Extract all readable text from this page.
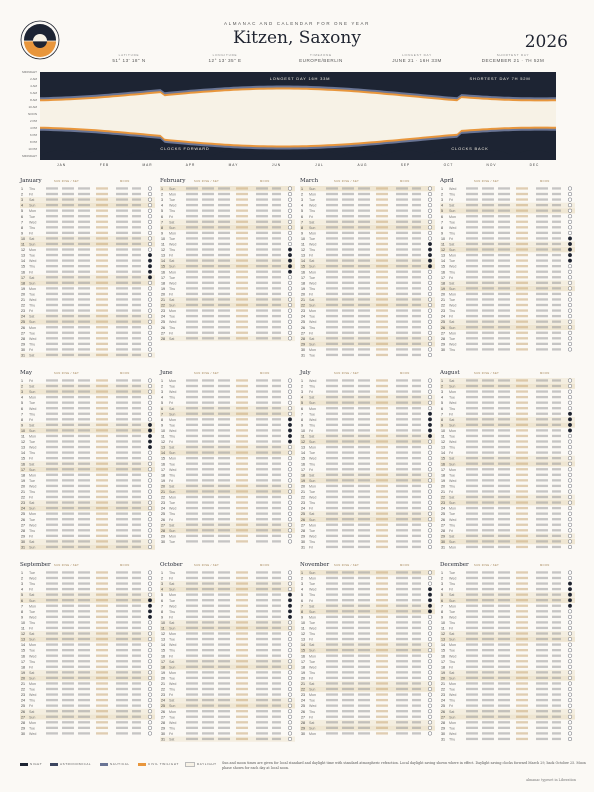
ALMANAC AND CALENDAR FOR ONE YEAR
Kitzen, Saxony	2026
LATITUDE
51° 13' 18" N
LONGITUDE
12° 13' 35" E
TIMEZONE
EUROPE/BERLIN
LONGEST DAY
JUNE 21 · 16H 33M
SHORTEST DAY
DECEMBER 21 · 7H 52M
MIDNIGHT
2 AM
4 AM
6 AM
8 AM
10 AM
NOON
2 PM
4 PM
6 PM
8 PM
10 PM
MIDNIGHT
LONGEST DAY 16H 33M	SHORTEST DAY 7H 52M
CLOCKS FORWARD	CLOCKS BACK
JAN	FEB	MAR	APR	MAY	JUN	JUL	AUG	SEP	OCT	NOV	DEC
January	SUN RISE / SET	MOON
1 Thu
2 Fri
3 Sat
4 Sun
5 Mon
6 Tue
7 Wed
8 Thu
9 Fri
10 Sat
11 Sun
12 Mon
13 Tue
14 Wed
15 Thu
16 Fri
17 Sat
18 Sun
19 Mon
20 Tue
21 Wed
22 Thu
23 Fri
24 Sat
25 Sun
26 Mon
27 Tue
28 Wed
29 Thu
30 Fri
31 Sat
February	SUN RISE / SET	MOON
1 Sun
2 Mon
3 Tue
4 Wed
5 Thu
6 Fri
7 Sat
8 Sun
9 Mon
10 Tue
11 Wed
12 Thu
13 Fri
14 Sat
15 Sun
16 Mon
17 Tue
18 Wed
19 Thu
20 Fri
21 Sat
22 Sun
23 Mon
24 Tue
25 Wed
26 Thu
27 Fri
28 Sat
March	SUN RISE / SET	MOON
1 Sun
2 Mon
3 Tue
4 Wed
5 Thu
6 Fri
7 Sat
8 Sun
9 Mon
10 Tue
11 Wed
12 Thu
13 Fri
14 Sat
15 Sun
16 Mon
17 Tue
18 Wed
19 Thu
20 Fri
21 Sat
22 Sun
23 Mon
24 Tue
25 Wed
26 Thu
27 Fri
28 Sat
29 Sun
30 Mon
31 Tue
April	SUN RISE / SET	MOON
1 Wed
2 Thu
3 Fri
4 Sat
5 Sun
6 Mon
7 Tue
8 Wed
9 Thu
10 Fri
11 Sat
12 Sun
13 Mon
14 Tue
15 Wed
16 Thu
17 Fri
18 Sat
19 Sun
20 Mon
21 Tue
22 Wed
23 Thu
24 Fri
25 Sat
26 Sun
27 Mon
28 Tue
29 Wed
30 Thu
May	SUN RISE / SET	MOON
1 Fri
2 Sat
3 Sun
4 Mon
5 Tue
6 Wed
7 Thu
8 Fri
9 Sat
10 Sun
11 Mon
12 Tue
13 Wed
14 Thu
15 Fri
16 Sat
17 Sun
18 Mon
19 Tue
20 Wed
21 Thu
22 Fri
23 Sat
24 Sun
25 Mon
26 Tue
27 Wed
28 Thu
29 Fri
30 Sat
31 Sun
June	SUN RISE / SET	MOON
1 Mon
2 Tue
3 Wed
4 Thu
5 Fri
6 Sat
7 Sun
8 Mon
9 Tue
10 Wed
11 Thu
12 Fri
13 Sat
14 Sun
15 Mon
16 Tue
17 Wed
18 Thu
19 Fri
20 Sat
21 Sun
22 Mon
23 Tue
24 Wed
25 Thu
26 Fri
27 Sat
28 Sun
29 Mon
30 Tue
July	SUN RISE / SET	MOON
1 Wed
2 Thu
3 Fri
4 Sat
5 Sun
6 Mon
7 Tue
8 Wed
9 Thu
10 Fri
11 Sat
12 Sun
13 Mon
14 Tue
15 Wed
16 Thu
17 Fri
18 Sat
19 Sun
20 Mon
21 Tue
22 Wed
23 Thu
24 Fri
25 Sat
26 Sun
27 Mon
28 Tue
29 Wed
30 Thu
31 Fri
August	SUN RISE / SET	MOON
1 Sat
2 Sun
3 Mon
4 Tue
5 Wed
6 Thu
7 Fri
8 Sat
9 Sun
10 Mon
11 Tue
12 Wed
13 Thu
14 Fri
15 Sat
16 Sun
17 Mon
18 Tue
19 Wed
20 Thu
21 Fri
22 Sat
23 Sun
24 Mon
25 Tue
26 Wed
27 Thu
28 Fri
29 Sat
30 Sun
31 Mon
September SUN RISE / SET	MOON
1 Tue
2 Wed
3 Thu
4 Fri
5 Sat
6 Sun
7 Mon
8 Tue
9 Wed
10 Thu
11 Fri
12 Sat
13 Sun
14 Mon
15 Tue
16 Wed
17 Thu
18 Fri
19 Sat
20 Sun
21 Mon
22 Tue
23 Wed
24 Thu
25 Fri
26 Sat
27 Sun
28 Mon
29 Tue
30 Wed
October	SUN RISE / SET	MOON
1 Thu
2 Fri
3 Sat
4 Sun
5 Mon
6 Tue
7 Wed
8 Thu
9 Fri
10 Sat
11 Sun
12 Mon
13 Tue
14 Wed
15 Thu
16 Fri
17 Sat
18 Sun
19 Mon
20 Tue
21 Wed
22 Thu
23 Fri
24 Sat
25 Sun
26 Mon
27 Tue
28 Wed
29 Thu
30 Fri
31 Sat
November SUN RISE / SET	MOON
1 Sun
2 Mon
3 Tue
4 Wed
5 Thu
6 Fri
7 Sat
8 Sun
9 Mon
10 Tue
11 Wed
12 Thu
13 Fri
14 Sat
15 Sun
16 Mon
17 Tue
18 Wed
19 Thu
20 Fri
21 Sat
22 Sun
23 Mon
24 Tue
25 Wed
26 Thu
27 Fri
28 Sat
29 Sun
30 Mon
December SUN RISE / SET	MOON
1 Tue
2 Wed
3 Thu
4 Fri
5 Sat
6 Sun
7 Mon
8 Tue
9 Wed
10 Thu
11 Fri
12 Sat
13 Sun
14 Mon
15 Tue
16 Wed
17 Thu
18 Fri
19 Sat
20 Sun
21 Mon
22 Tue
23 Wed
24 Thu
25 Fri
26 Sat
27 Sun
28 Mon
29 Tue
30 Wed
31 Thu
NIGHT	ASTRONOMICAL	NAUTICAL	CIVIL TWILIGHT	DAYLIGHT Sun and moon times are given for local standard and daylight time with standard atmospheric refraction. Local daylight saving shown where in effect. Daylight saving clocks forward March 29, back October 25. Moon phase shown for each day at local noon.
almanac typeset in Liberation
